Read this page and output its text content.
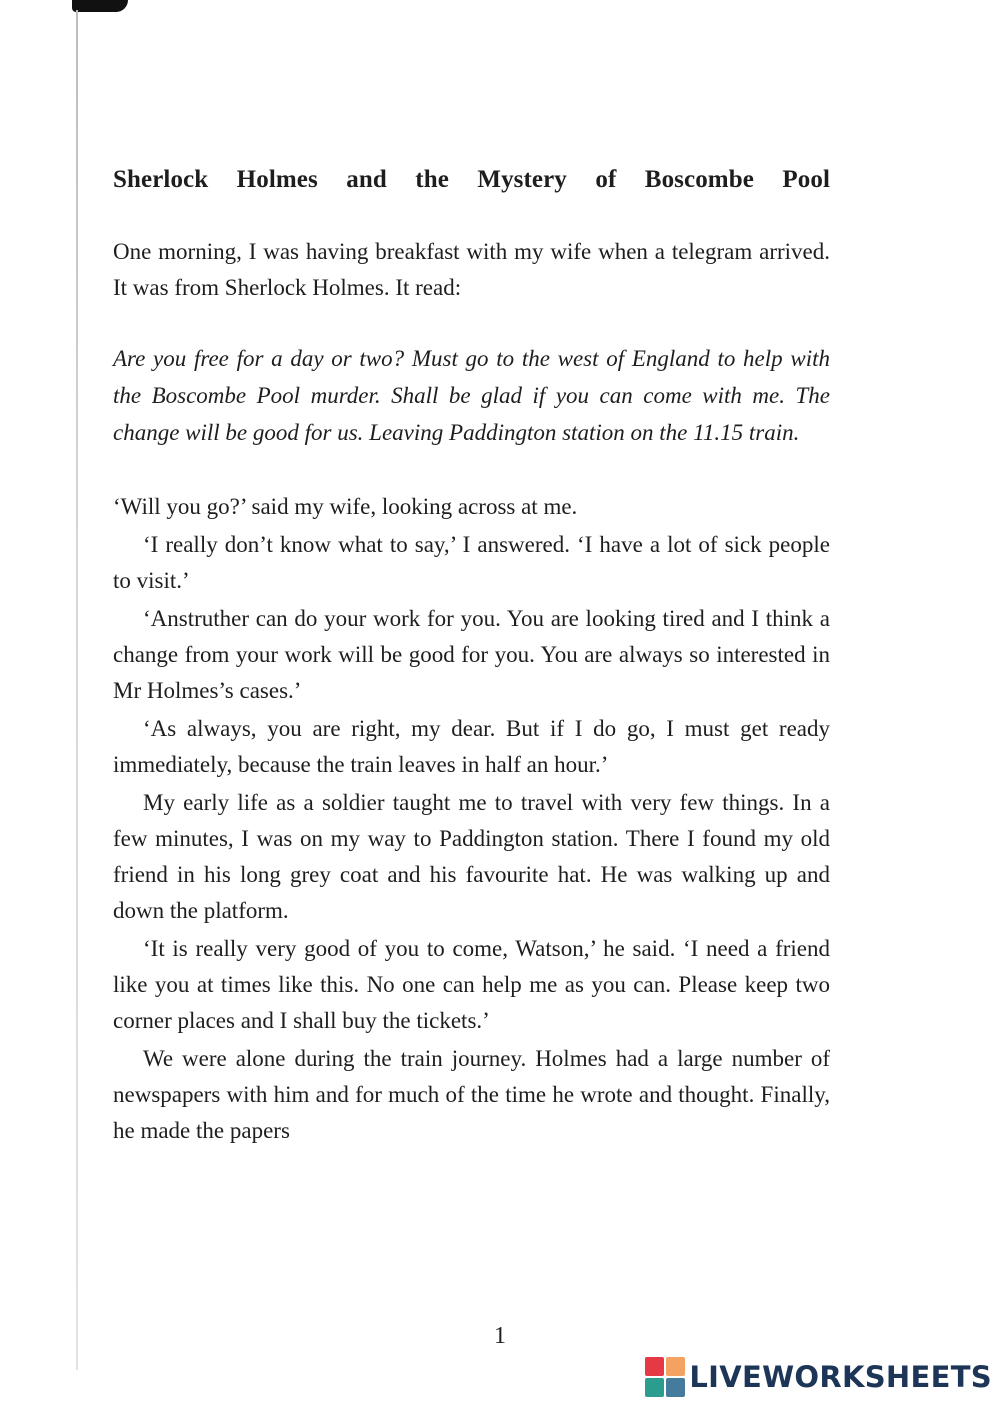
Sherlock Holmes and the Mystery of Boscombe Pool

One morning, I was having breakfast with my wife when a telegram arrived. It was from Sherlock Holmes. It read:

Are you free for a day or two? Must go to the west of England to help with the Boscombe Pool murder. Shall be glad if you can come with me. The change will be good for us. Leaving Paddington station on the 11.15 train.

‘Will you go?’ said my wife, looking across at me.

‘I really don’t know what to say,’ I answered. ‘I have a lot of sick people to visit.’

‘Anstruther can do your work for you. You are looking tired and I think a change from your work will be good for you. You are always so interested in Mr Holmes’s cases.’

‘As always, you are right, my dear. But if I do go, I must get ready immediately, because the train leaves in half an hour.’

My early life as a soldier taught me to travel with very few things. In a few minutes, I was on my way to Paddington station. There I found my old friend in his long grey coat and his favourite hat. He was walking up and down the platform.

‘It is really very good of you to come, Watson,’ he said. ‘I need a friend like you at times like this. No one can help me as you can. Please keep two corner places and I shall buy the tickets.’

We were alone during the train journey. Holmes had a large number of newspapers with him and for much of the time he wrote and thought. Finally, he made the papers

1
LIVEWORKSHEETS
